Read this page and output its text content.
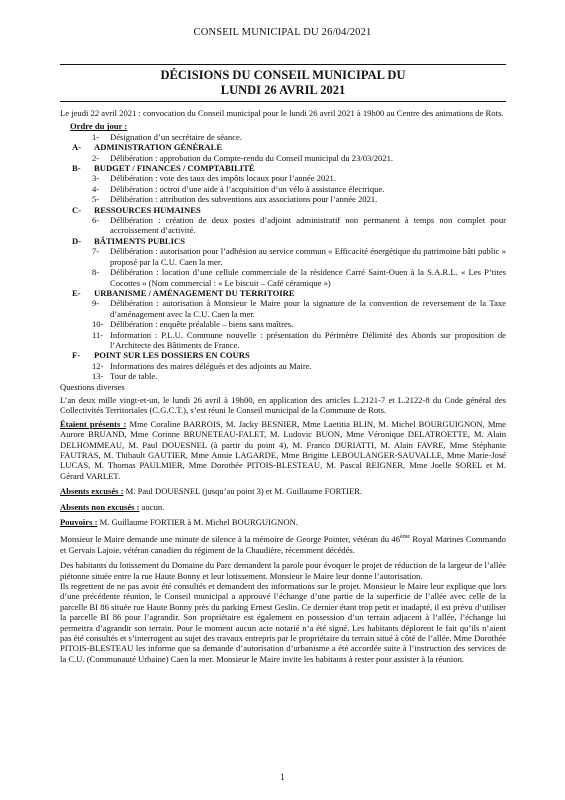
CONSEIL MUNICIPAL DU 26/04/2021
DÉCISIONS DU CONSEIL MUNICIPAL DU
LUNDI 26 AVRIL 2021

Le jeudi 22 avril 2021 : convocation du Conseil municipal pour le lundi 26 avril 2021 à 19h00 au Centre des animations de Rots.

Ordre du jour :
1-	Désignation d’un secrétaire de séance.
A-	ADMINISTRATION GÉNÉRALE
2-	Délibération : approbation du Compte-rendu du Conseil municipal du 23/03/2021.
B-	BUDGET / FINANCES / COMPTABILITÉ
3-	Délibération : vote des taux des impôts locaux pour l’année 2021.
4-	Délibération : octroi d’une aide à l’acquisition d’un vélo à assistance électrique.
5-	Délibération : attribution des subventions aux associations pour l’année 2021.
C-	RESSOURCES HUMAINES
6-	Délibération : création de deux postes d’adjoint administratif non permanent à temps non complet pour accroissement d’activité.
D-	BÂTIMENTS PUBLICS
7-	Délibération : autorisation pour l’adhésion au service commun « Efficacité énergétique du patrimoine bâti public » proposé par la C.U. Caen la mer.
8-	Délibération : location d’une cellule commerciale de la résidence Carré Saint-Ouen à la S.A.R.L. « Les P’tites Cocottes » (Nom commercial : « Le biscuit – Café céramique »)
E-	URBANISME / AMÉNAGEMENT DU TERRITOIRE
9-	Délibération : autorisation à Monsieur le Maire pour la signature de la convention de reversement de la Taxe d’aménagement avec la C.U. Caen la mer.
10- Délibération : enquête préalable – biens sans maîtres.
11- Information : P.L.U. Commune nouvelle : présentation du Périmètre Délimité des Abords sur proposition de l’Architecte des Bâtiments de France.
F-	POINT SUR LES DOSSIERS EN COURS
12- Informations des maires délégués et des adjoints au Maire.
13- Tour de table.

Questions diverses

L’an deux mille vingt-et-un, le lundi 26 avril à 19h00, en application des articles L.2121-7 et L.2122-8 du Code général des Collectivités Territoriales (C.G.C.T.), s’est réuni le Conseil municipal de la Commune de Rots.

Étaient présents : Mme Coraline BARROIS, M. Jacky BESNIER, Mme Laetitia BLIN, M. Michel BOURGUIGNON, Mme Aurore BRUAND, Mme Corinne BRUNETEAU-FALET, M. Ludovic BUON, Mme Véronique DELATROETTE, M. Alain DELHOMMEAU, M. Paul DOUESNEL (à partir du point 4), M. Franco DURIATTI, M. Alain FAVRE, Mme Stéphanie FAUTRAS, M. Thibault GAUTIER, Mme Annie LAGARDE, Mme Brigitte LEBOULANGER-SAUVALLE, Mme Marie-José LUCAS, M. Thomas PAULMIER, Mme Dorothée PITOIS-BLESTEAU, M. Pascal REIGNER, Mme Joelle SOREL et M. Gérard VARLET.

Absents excusés : M. Paul DOUESNEL (jusqu’au point 3) et M. Guillaume FORTIER.

Absents non excusés : aucun.

Pouvoirs : M. Guillaume FORTIER à M. Michel BOURGUIGNON.

Monsieur le Maire demande une minute de silence à la mémoire de George Pointer, vétéran du 46ème Royal Marines Commando et Gervais Lajoie, vétéran canadien du régiment de la Chaudière, récemment décédés.

Des habitants du lotissement du Domaine du Parc demandent la parole pour évoquer le projet de réduction de la largeur de l’allée piétonne située entre la rue Haute Bonny et leur lotissement. Monsieur le Maire leur donne l’autorisation.

Ils regrettent de ne pas avoir été consultés et demandent des informations sur le projet. Monsieur le Maire leur explique que lors d’une précédente réunion, le Conseil municipal a approuvé l’échange d’une partie de la superficie de l’allée avec celle de la parcelle BI 86 située rue Haute Bonny près du parking Ernest Geslin. Ce dernier étant trop petit et inadapté, il est prévu d’utiliser la parcelle BI 86 pour l’agrandir. Son propriétaire est également en possession d’un terrain adjacent à l’allée, l’échange lui permettra d’agrandir son terrain. Pour le moment aucun acte notarié n’a été signé. Les habitants déplorent le fait qu’ils n’aient pas été consultés et s’interrogent au sujet des travaux entrepris par le propriétaire du terrain situé à côté de l’allée. Mme Dorothée PITOIS-BLESTEAU les informe que sa demande d’autorisation d’urbanisme a été accordée suite à l’instruction des services de la C.U. (Communauté Urbaine) Caen la mer. Monsieur le Maire invite les habitants à rester pour assister à la réunion.

1
